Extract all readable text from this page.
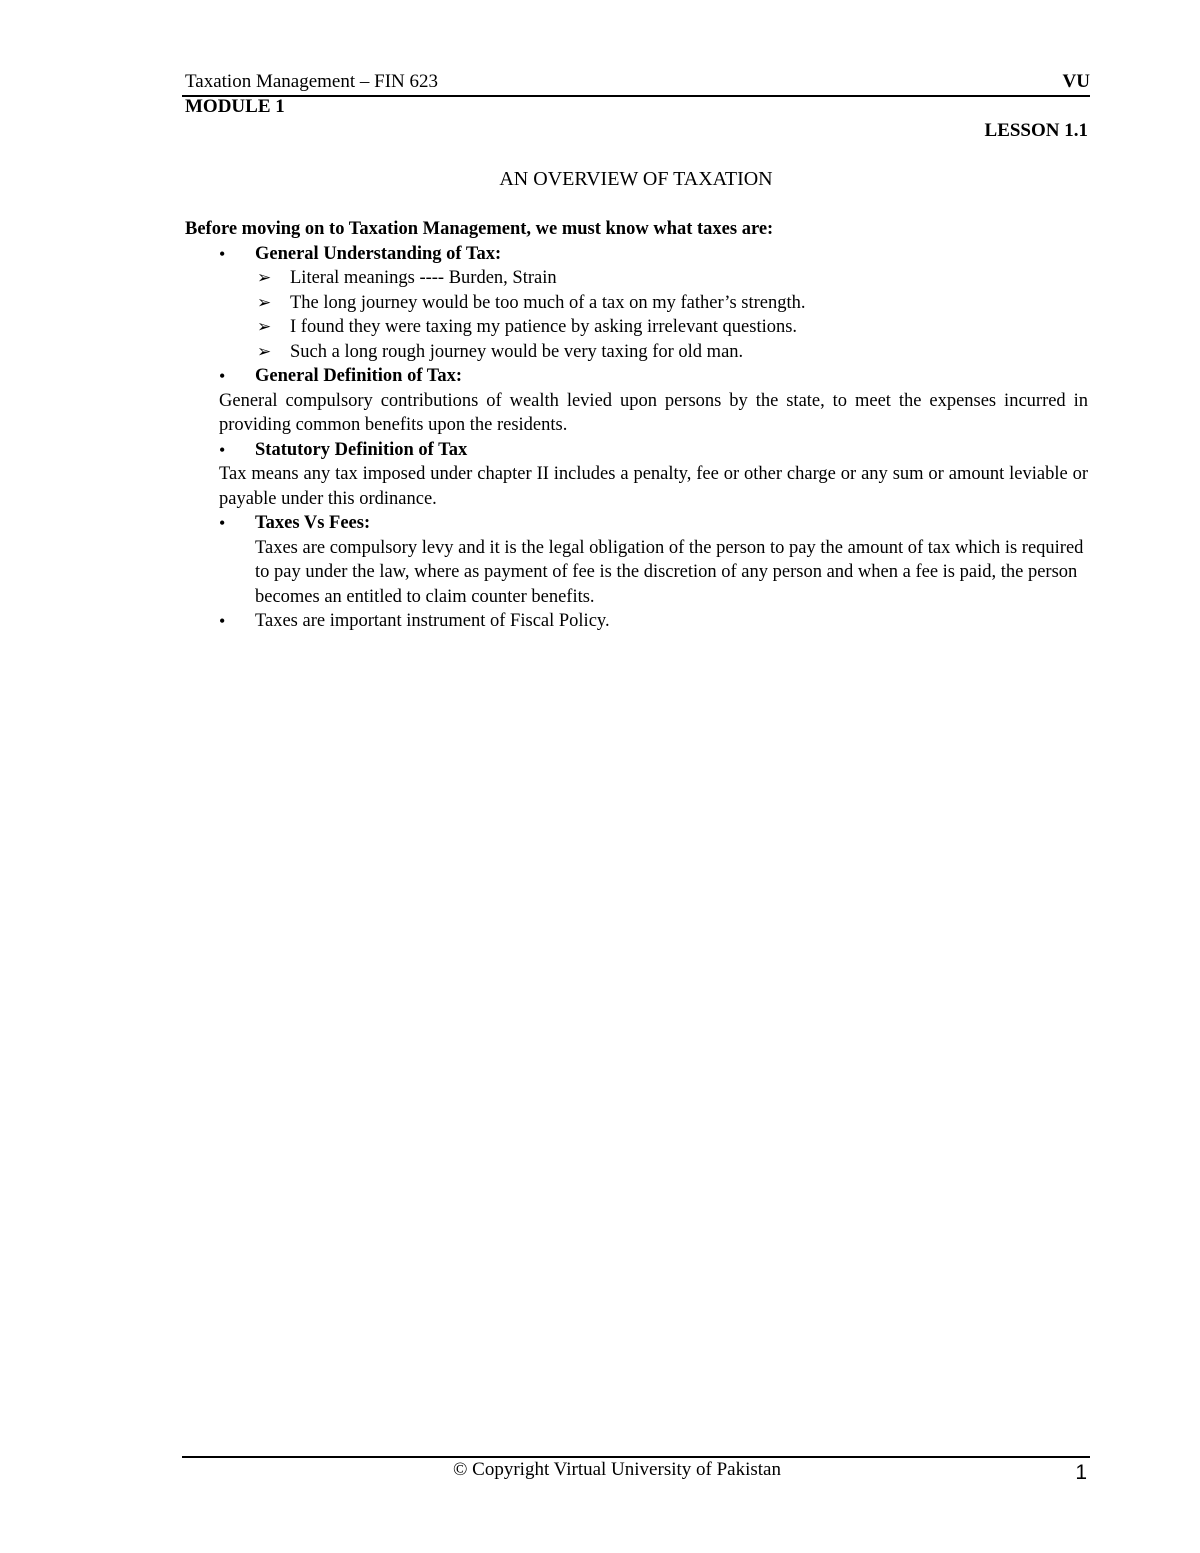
Taxation Management – FIN 623	VU
MODULE 1
LESSON 1.1
AN OVERVIEW OF TAXATION
Before moving on to Taxation Management, we must know what taxes are:
• General Understanding of Tax:
➢ Literal meanings ---- Burden, Strain
➢ The long journey would be too much of a tax on my father’s strength.
➢ I found they were taxing my patience by asking irrelevant questions.
➢ Such a long rough journey would be very taxing for old man.
• General Definition of Tax:
General compulsory contributions of wealth levied upon persons by the state, to meet the expenses incurred in providing common benefits upon the residents.
• Statutory Definition of Tax
Tax means any tax imposed under chapter II includes a penalty, fee or other charge or any sum or amount leviable or payable under this ordinance.
• Taxes Vs Fees:
Taxes are compulsory levy and it is the legal obligation of the person to pay the amount of tax which is required to pay under the law, where as payment of fee is the discretion of any person and when a fee is paid, the person becomes an entitled to claim counter benefits.
• Taxes are important instrument of Fiscal Policy.
© Copyright Virtual University of Pakistan	1
